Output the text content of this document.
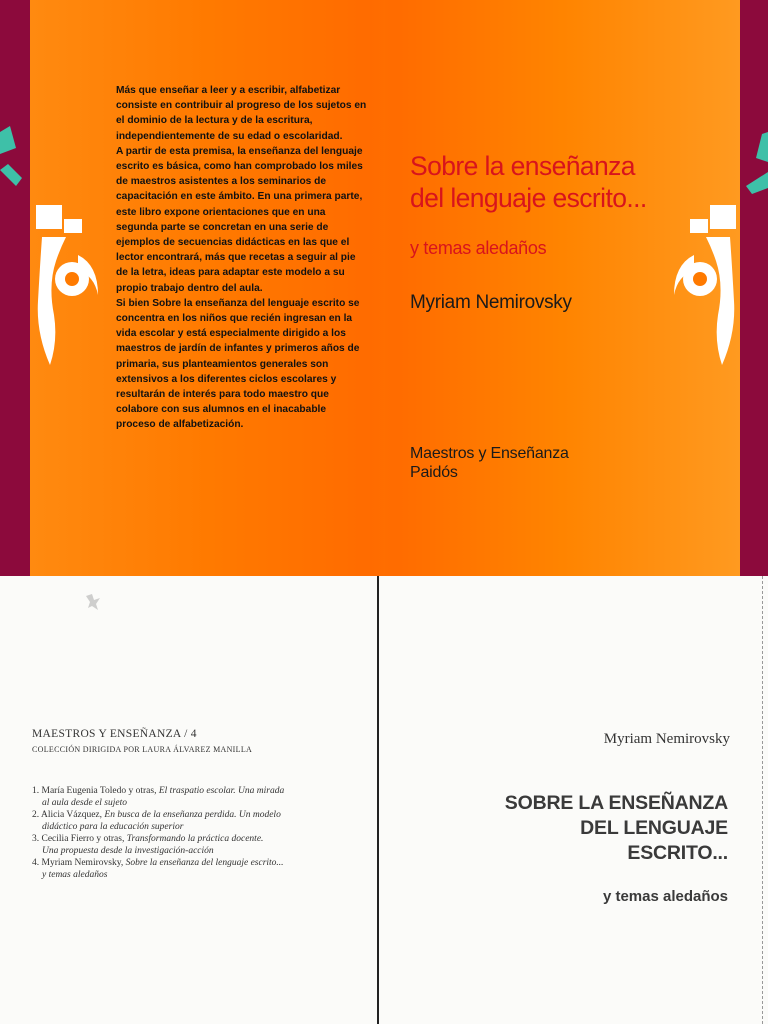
Más que enseñar a leer y a escribir, alfabetizar consiste en contribuir al progreso de los sujetos en el dominio de la lectura y de la escritura, independientemente de su edad o escolaridad.

A partir de esta premisa, la enseñanza del lenguaje escrito es básica, como han comprobado los miles de maestros asistentes a los seminarios de capacitación en este ámbito. En una primera parte, este libro expone orientaciones que en una segunda parte se concretan en una serie de ejemplos de secuencias didácticas en las que el lector encontrará, más que recetas a seguir al pie de la letra, ideas para adaptar este modelo a su propio trabajo dentro del aula.

Si bien Sobre la enseñanza del lenguaje escrito se concentra en los niños que recién ingresan en la vida escolar y está especialmente dirigido a los maestros de jardín de infantes y primeros años de primaria, sus planteamientos generales son extensivos a los diferentes ciclos escolares y resultarán de interés para todo maestro que colabore con sus alumnos en el inacabable proceso de alfabetización.

Sobre la enseñanza
del lenguaje escrito...
y temas aledaños
Myriam Nemirovsky
Maestros y Enseñanza
Paidós
MAESTROS Y ENSEÑANZA / 4
COLECCIÓN DIRIGIDA POR LAURA ÁLVAREZ MANILLA
1. María Eugenia Toledo y otras, El traspatio escolar. Una mirada
al aula desde el sujeto
2. Alicia Vázquez, En busca de la enseñanza perdida. Un modelo
didáctico para la educación superior
3. Cecilia Fierro y otras, Transformando la práctica docente.
Una propuesta desde la investigación-acción
4. Myriam Nemirovsky, Sobre la enseñanza del lenguaje escrito...
y temas aledaños
Myriam Nemirovsky
SOBRE LA ENSEÑANZA
DEL LENGUAJE
ESCRITO...
y temas aledaños
